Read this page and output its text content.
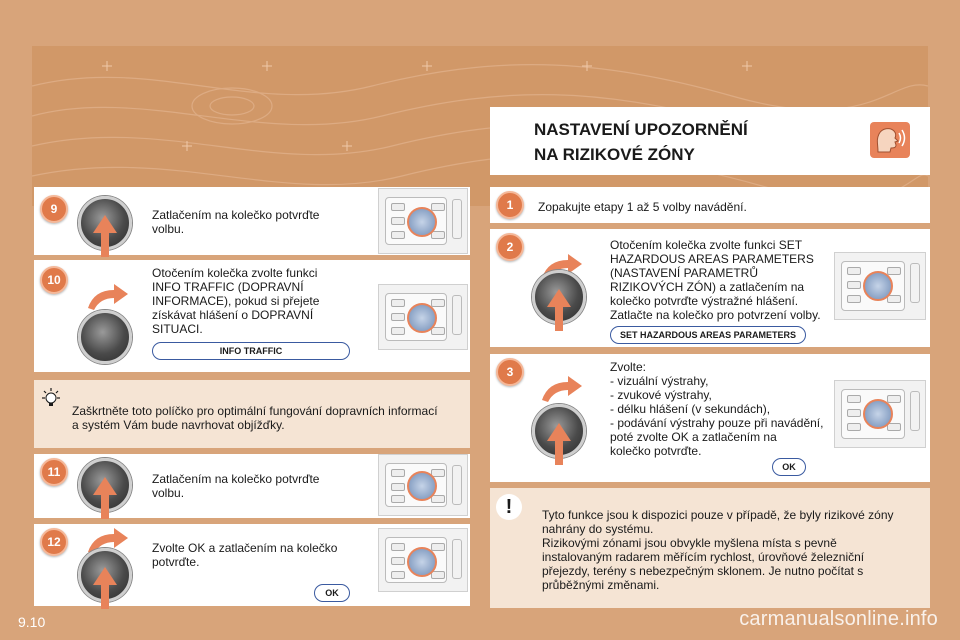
NASTAVENÍ UPOZORNĚNÍ
NA RIZIKOVÉ ZÓNY
9	Zatlačením na kolečko potvrďte
volbu.
10	Otočením kolečka zvolte funkci
INFO TRAFFIC (DOPRAVNÍ
INFORMACE), pokud si přejete
získávat hlášení o DOPRAVNÍ
SITUACI.
INFO TRAFFIC
Zaškrtněte toto políčko pro optimální fungování dopravních informací
a systém Vám bude navrhovat objížďky.
11	Zatlačením na kolečko potvrďte
volbu.
12	Zvolte OK a zatlačením na kolečko
potvrďte.
OK
1	Zopakujte etapy 1 až 5 volby navádění.
2	Otočením kolečka zvolte funkci SET
HAZARDOUS AREAS PARAMETERS
(NASTAVENÍ PARAMETRŮ
RIZIKOVÝCH ZÓN) a zatlačením na
kolečko potvrďte výstražné hlášení.
Zatlačte na kolečko pro potvrzení volby.
SET HAZARDOUS AREAS PARAMETERS
3	Zvolte:
- vizuální výstrahy,
- zvukové výstrahy,
- délku hlášení (v sekundách),
- podávání výstrahy pouze při navádění,
poté zvolte OK a zatlačením na
kolečko potvrďte.
OK
!	Tyto funkce jsou k dispozici pouze v případě, že byly rizikové zóny
nahrány do systému.
Rizikovými zónami jsou obvykle myšlena místa s pevně
instalovaným radarem měřícím rychlost, úrovňové železniční
přejezdy, terény s nebezpečným sklonem. Je nutno počítat s
průběžnými změnami.
9.10	carmanualsonline.info
